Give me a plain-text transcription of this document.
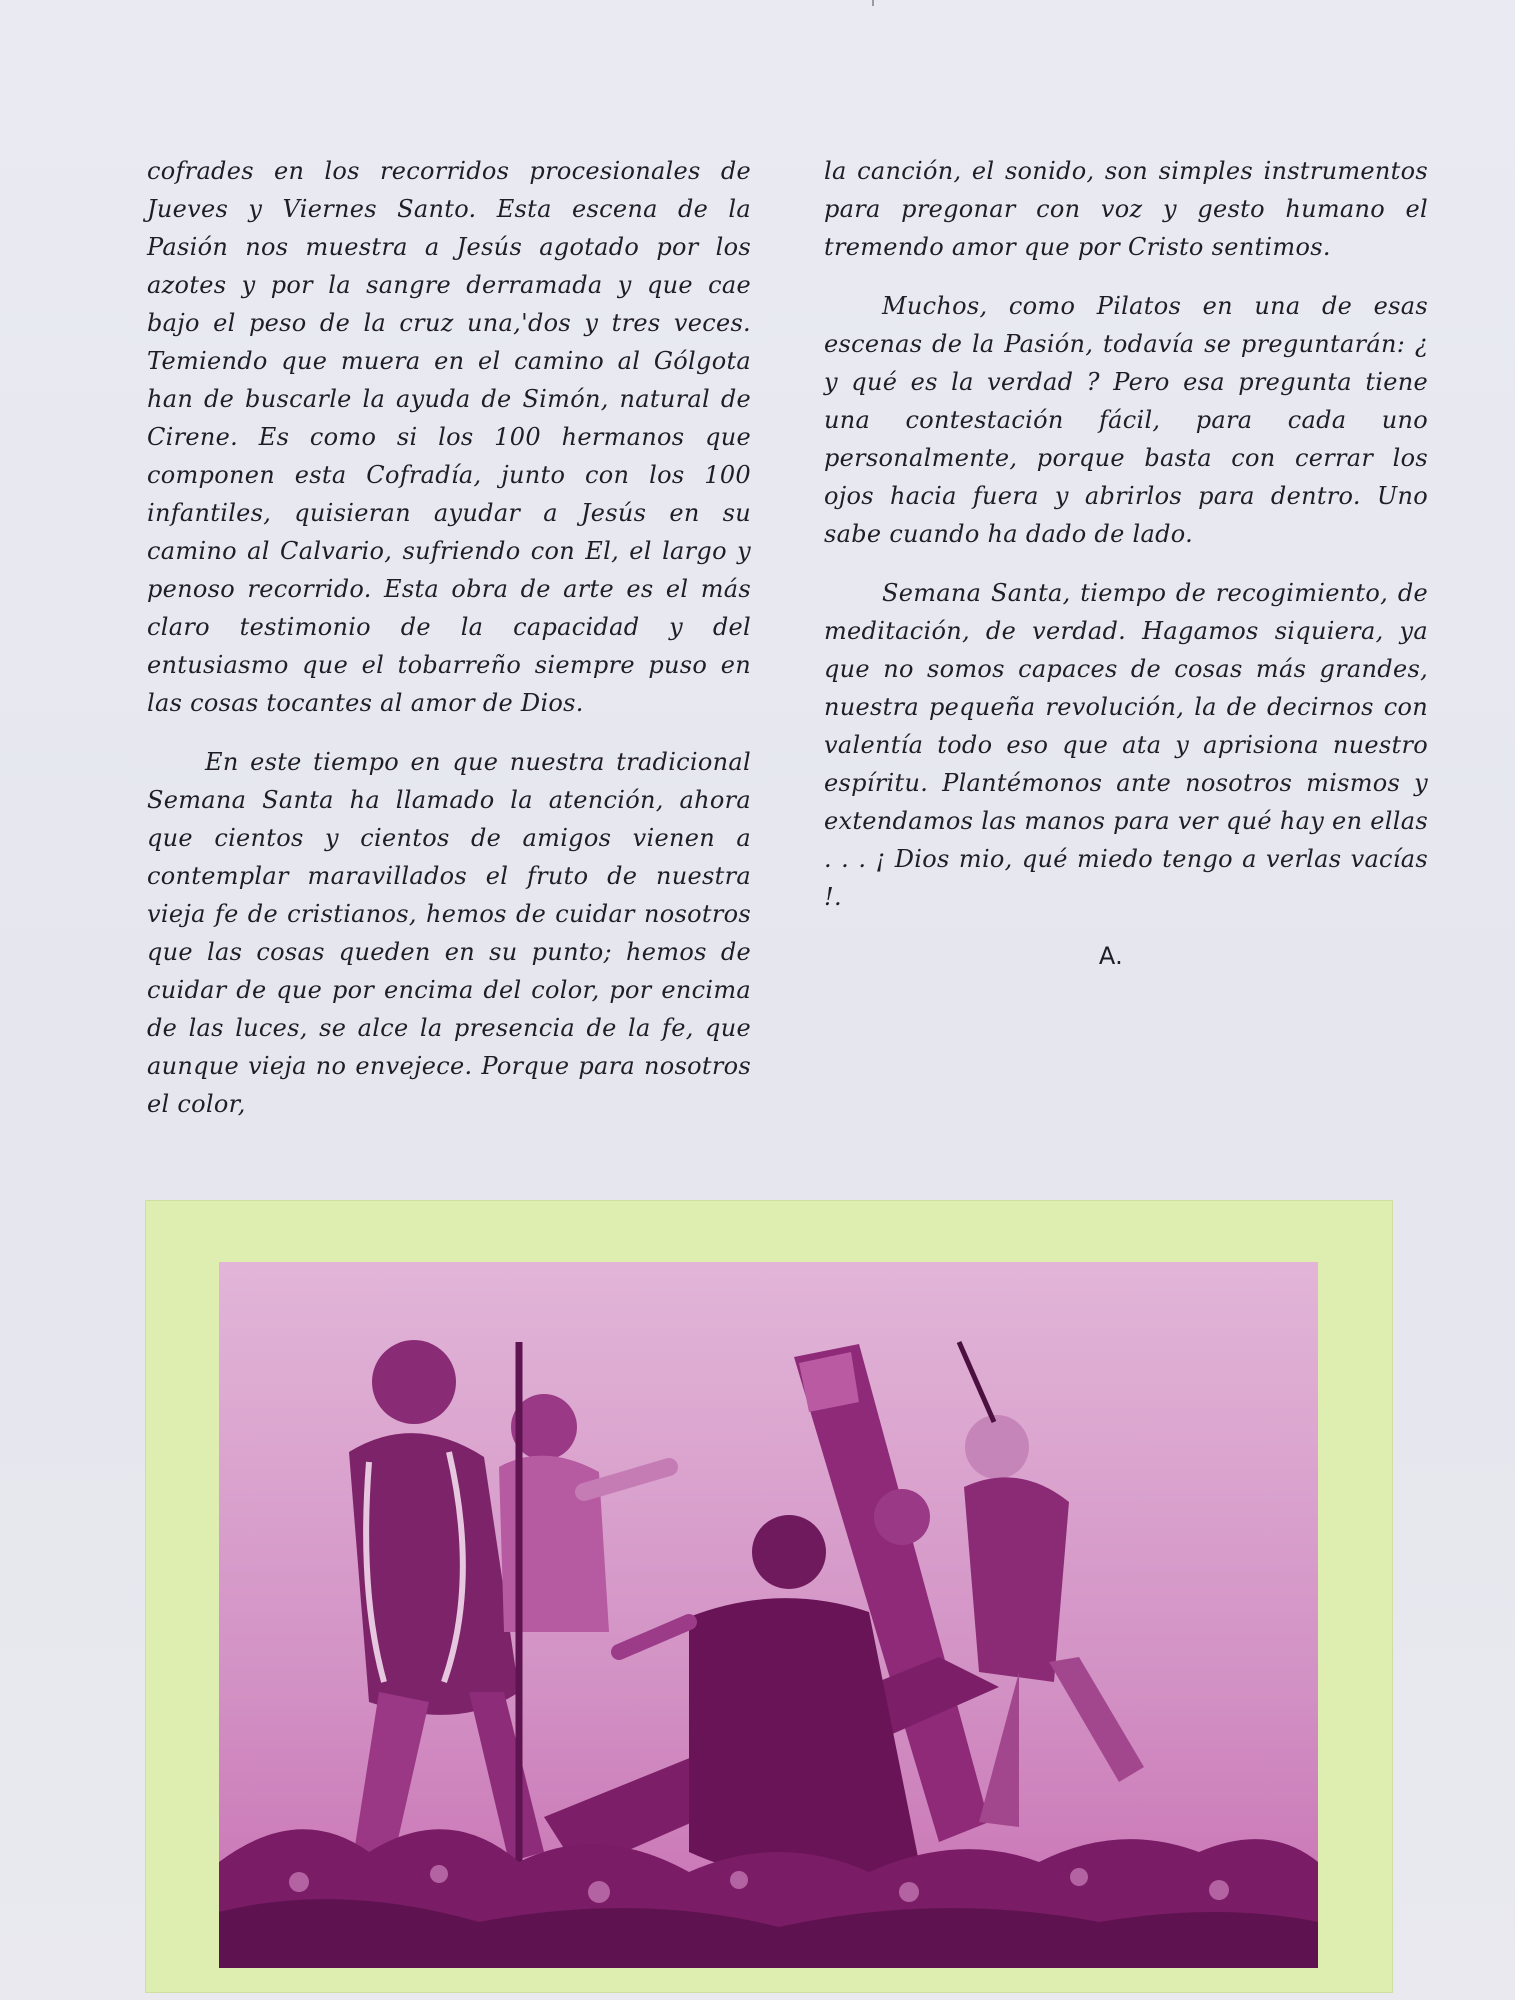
cofrades en los recorridos procesionales de Jueves y Viernes Santo. Esta escena de la Pasión nos muestra a Jesús agotado por los azotes y por la sangre derramada y que cae bajo el peso de la cruz una,'dos y tres veces. Temiendo que muera en el camino al Gólgota han de buscarle la ayuda de Simón, natural de Cirene. Es como si los 100 hermanos que componen esta Cofradía, junto con los 100 infantiles, quisieran ayudar a Jesús en su camino al Calvario, sufriendo con El, el largo y penoso recorrido. Esta obra de arte es el más claro testimonio de la capacidad y del entusiasmo que el tobarreño siempre puso en las cosas tocantes al amor de Dios.

En este tiempo en que nuestra tradicional Semana Santa ha llamado la atención, ahora que cientos y cientos de amigos vienen a contemplar maravillados el fruto de nuestra vieja fe de cristianos, hemos de cuidar nosotros que las cosas queden en su punto; hemos de cuidar de que por encima del color, por encima de las luces, se alce la presencia de la fe, que aunque vieja no envejece. Porque para nosotros el color,

la canción, el sonido, son simples instrumentos para pregonar con voz y gesto humano el tremendo amor que por Cristo sentimos.

Muchos, como Pilatos en una de esas escenas de la Pasión, todavía se preguntarán: ¿ y qué es la verdad ? Pero esa pregunta tiene una contestación fácil, para cada uno personalmente, porque basta con cerrar los ojos hacia fuera y abrirlos para dentro. Uno sabe cuando ha dado de lado.

Semana Santa, tiempo de recogimiento, de meditación, de verdad. Hagamos siquiera, ya que no somos capaces de cosas más grandes, nuestra pequeña revolución, la de decirnos con valentía todo eso que ata y aprisiona nuestro espíritu. Plantémonos ante nosotros mismos y extendamos las manos para ver qué hay en ellas . . . ¡ Dios mio, qué miedo tengo a verlas vacías !.

A.
